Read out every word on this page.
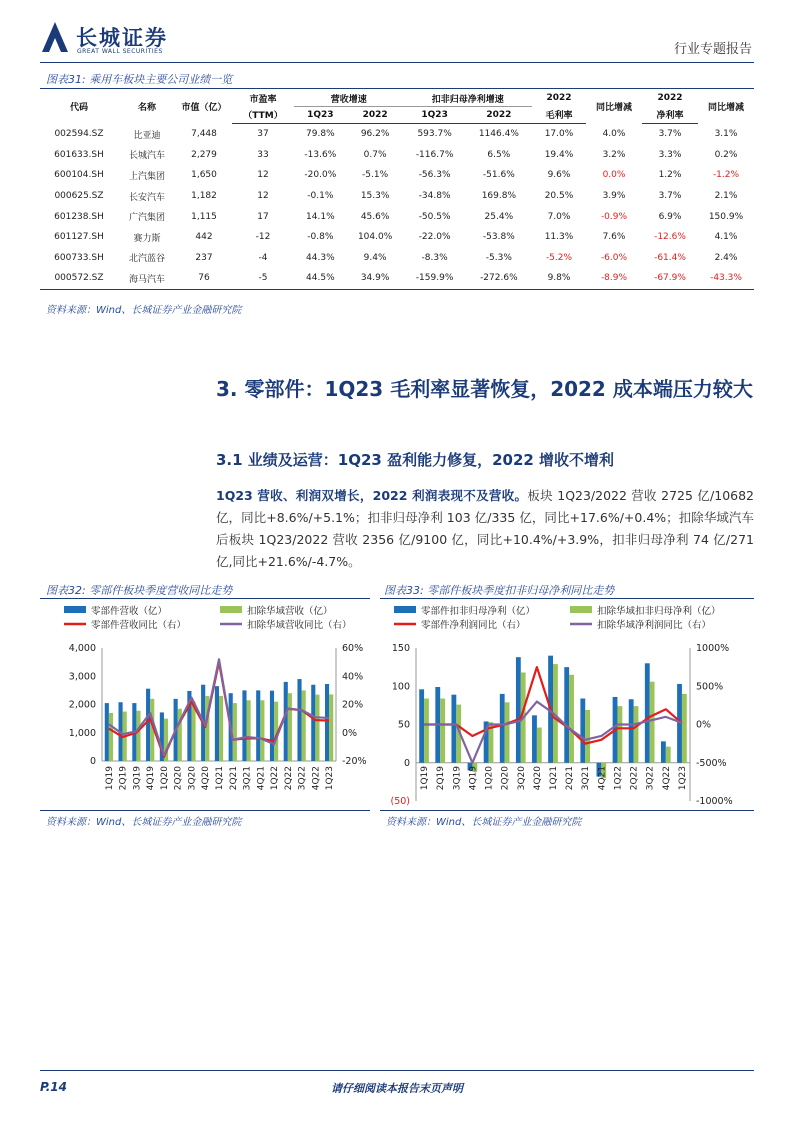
长城证券
GREAT WALL SECURITIES	行业专题报告
图表31: 乘用车板块主要公司业绩一览
代码	名称	市值（亿）	市盈率	营收增速		扣非归母净利增速		2022	同比增减	2022	同比增减
			（TTM）	1Q23	2022	1Q23	2022	毛利率		净利率	
002594.SZ	比亚迪	7,448	37	79.8%	96.2%	593.7%	1146.4%	17.0%	4.0%	3.7%	3.1%
601633.SH	长城汽车	2,279	33	-13.6%	0.7%	-116.7%	6.5%	19.4%	3.2%	3.3%	0.2%
600104.SH	上汽集团	1,650	12	-20.0%	-5.1%	-56.3%	-51.6%	9.6%	0.0%	1.2%	-1.2%
000625.SZ	长安汽车	1,182	12	-0.1%	15.3%	-34.8%	169.8%	20.5%	3.9%	3.7%	2.1%
601238.SH	广汽集团	1,115	17	14.1%	45.6%	-50.5%	25.4%	7.0%	-0.9%	6.9%	150.9%
601127.SH	赛力斯	442	-12	-0.8%	104.0%	-22.0%	-53.8%	11.3%	7.6%	-12.6%	4.1%
600733.SH	北汽蓝谷	237	-4	44.3%	9.4%	-8.3%	-5.3%	-5.2%	-6.0%	-61.4%	2.4%
000572.SZ	海马汽车	76	-5	44.5%	34.9%	-159.9%	-272.6%	9.8%	-8.9%	-67.9%	-43.3%
资料来源：Wind、长城证券产业金融研究院
3. 零部件：1Q23 毛利率显著恢复，2022 成本端压力较大
3.1 业绩及运营：1Q23 盈利能力修复，2022 增收不增利
1Q23 营收、利润双增长，2022 利润表现不及营收。板块 1Q23/2022 营收 2725 亿/10682 亿，同比+8.6%/+5.1%；扣非归母净利 103 亿/335 亿，同比+17.6%/+0.4%；扣除华域汽车后板块 1Q23/2022 营收 2356 亿/9100 亿，同比+10.4%/+3.9%，扣非归母净利 74 亿/271 亿,同比+21.6%/-4.7%。
图表32: 零部件板块季度营收同比走势
零部件营收（亿）	扣除华域营收（亿）
零部件营收同比（右）	扣除华域营收同比（右）
0
1,000
2,000
3,000
4,000
-20%
0%
20%
40%
60%
1Q19 2Q19 3Q19 4Q19 1Q20 2Q20 3Q20 4Q20 1Q21 2Q21 3Q21 4Q21 1Q22 2Q22 3Q22 4Q22 1Q23
资料来源：Wind、长城证券产业金融研究院
图表33: 零部件板块季度扣非归母净利同比走势
零部件扣非归母净利（亿）	扣除华域扣非归母净利（亿）
零部件净利润同比（右）	扣除华域净利润同比（右）
(50)
0
50
100
150
-1000%
-500%
0%
500%
1000%
1Q19 2Q19 3Q19 4Q19 1Q20 2Q20 3Q20 4Q20 1Q21 2Q21 3Q21 4Q21 1Q22 2Q22 3Q22 4Q22 1Q23
资料来源：Wind、长城证券产业金融研究院
请仔细阅读本报告末页声明
P.14
